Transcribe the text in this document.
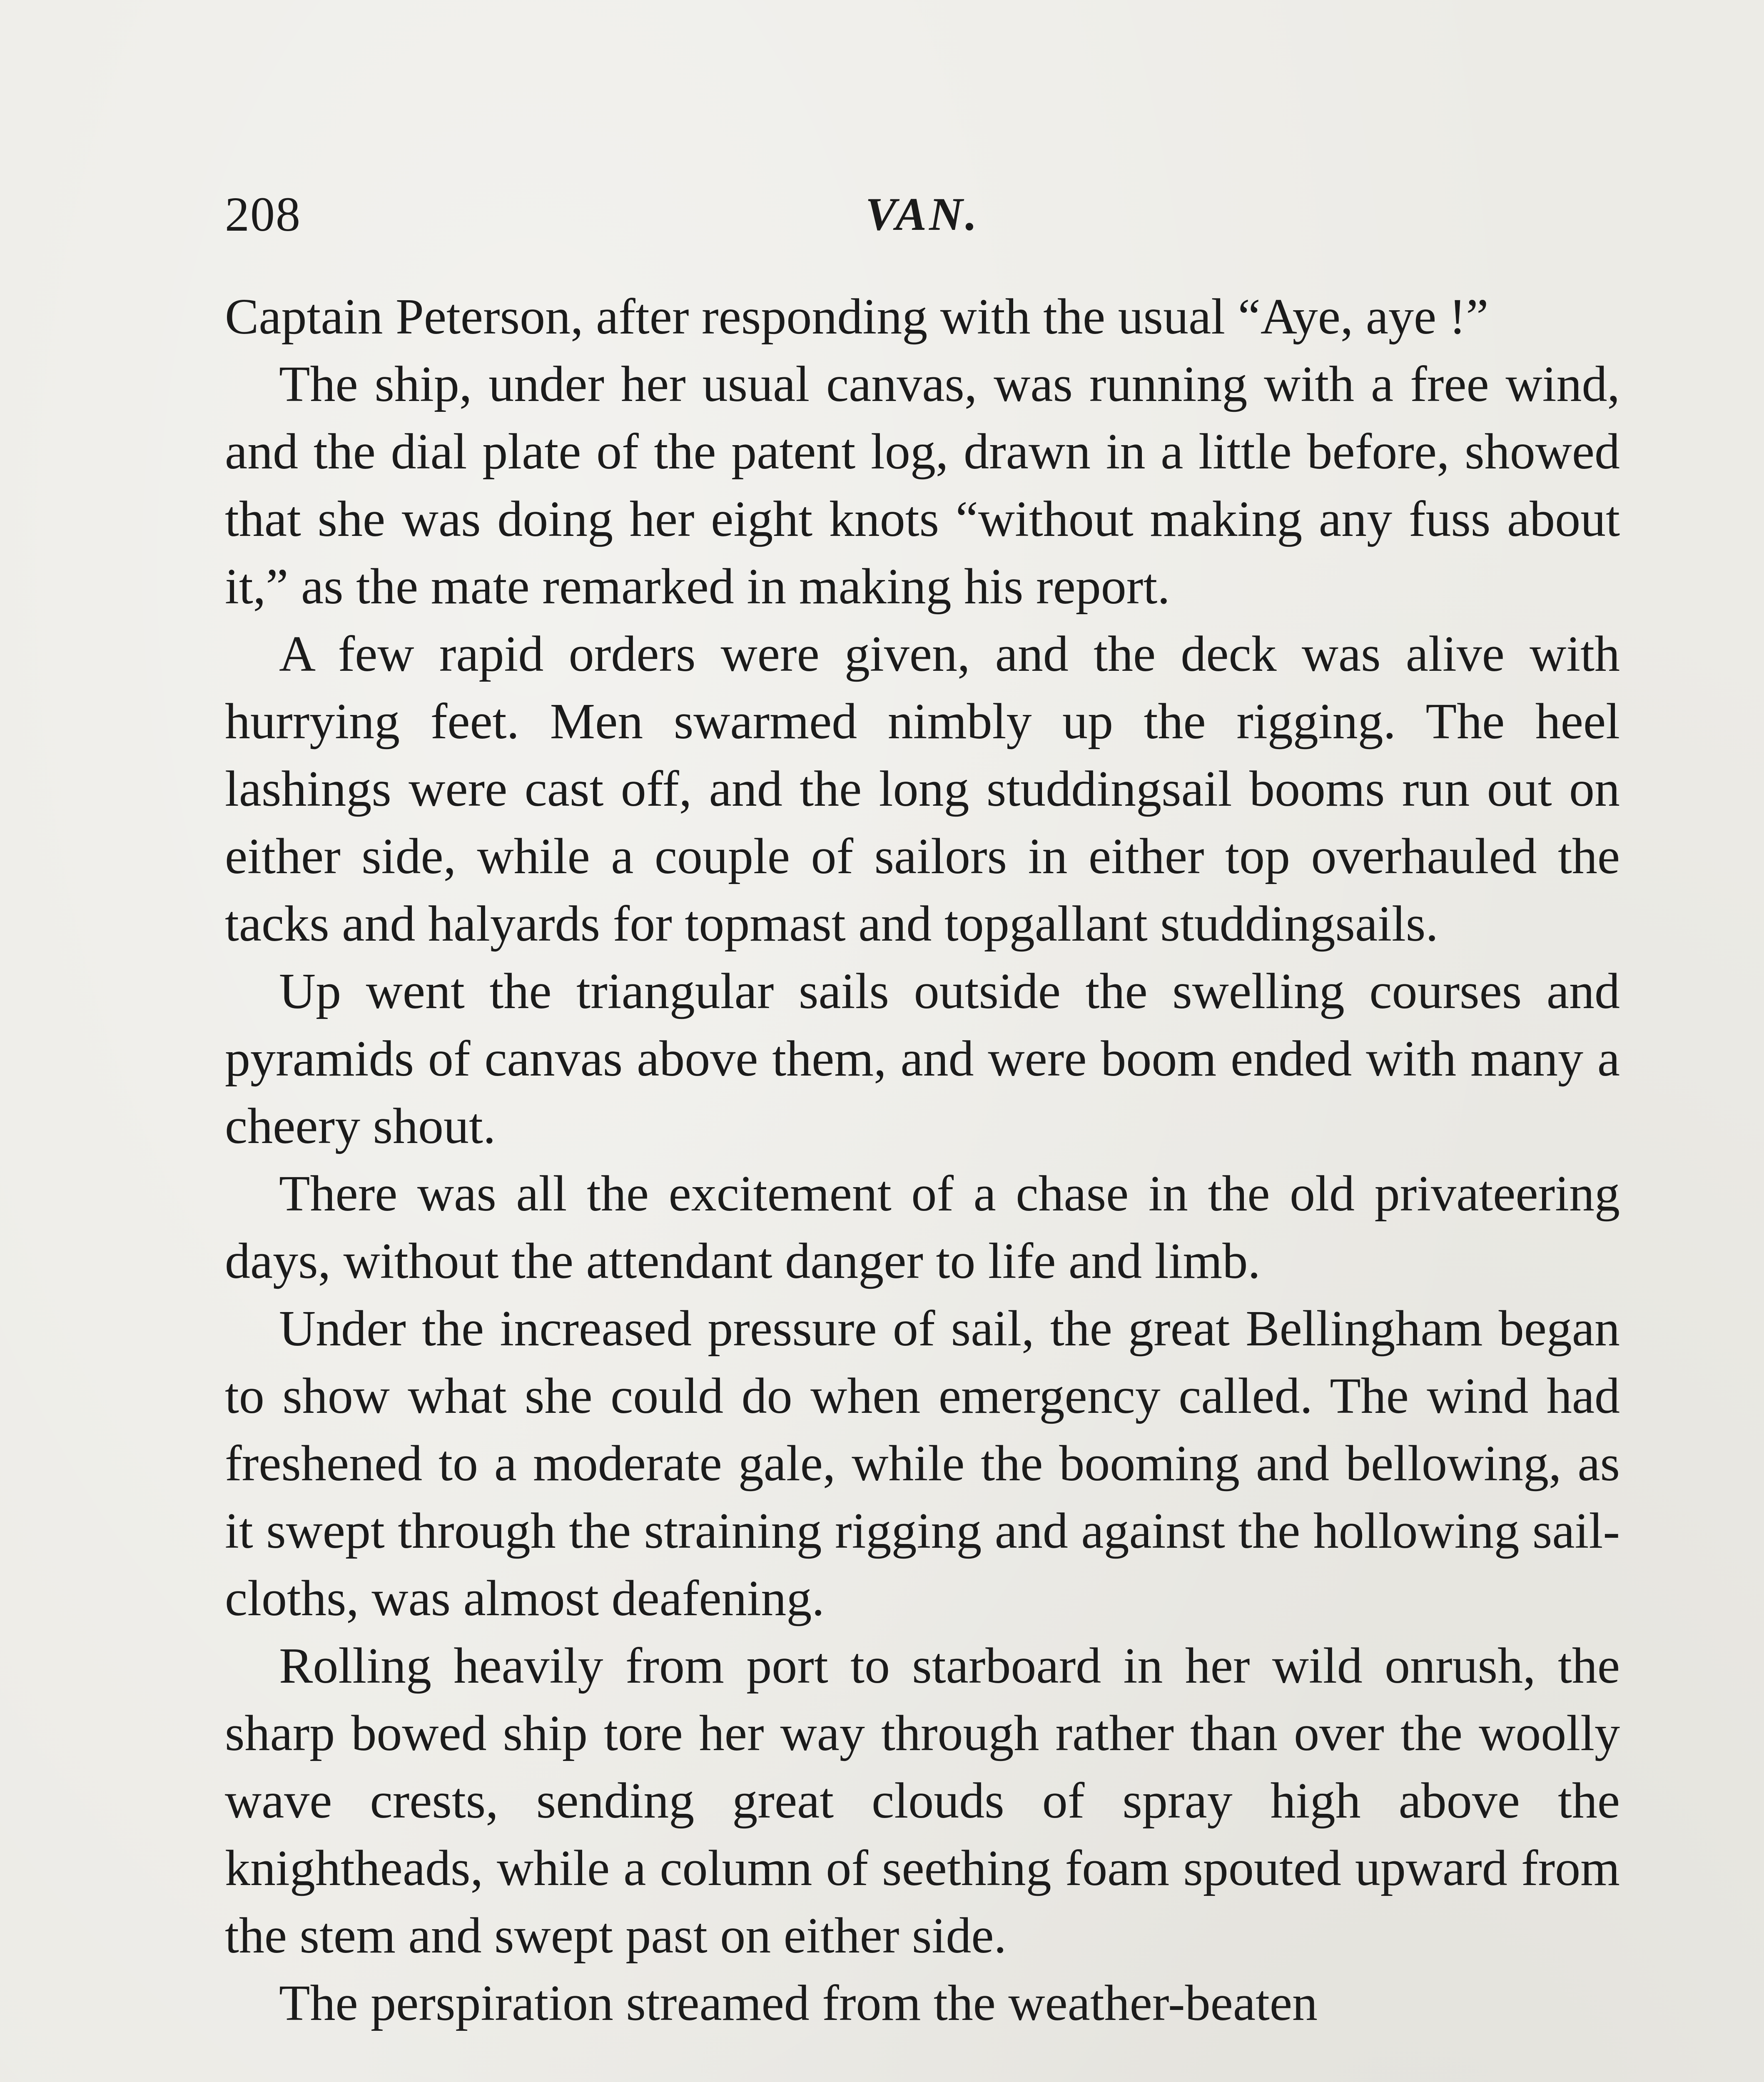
208	VAN.

Captain Peterson, after responding with the usual “Aye, aye !”

The ship, under her usual canvas, was running with a free wind, and the dial plate of the patent log, drawn in a little before, showed that she was doing her eight knots “without making any fuss about it,” as the mate remarked in making his report.

A few rapid orders were given, and the deck was alive with hurrying feet. Men swarmed nimbly up the rigging. The heel lashings were cast off, and the long studdingsail booms run out on either side, while a couple of sailors in either top overhauled the tacks and halyards for topmast and topgallant studdingsails.

Up went the triangular sails outside the swelling courses and pyramids of canvas above them, and were boom ended with many a cheery shout.

There was all the excitement of a chase in the old privateering days, without the attendant danger to life and limb.

Under the increased pressure of sail, the great Bellingham began to show what she could do when emergency called. The wind had freshened to a moderate gale, while the booming and bellowing, as it swept through the straining rigging and against the hollowing sailcloths, was almost deafening.

Rolling heavily from port to starboard in her wild onrush, the sharp bowed ship tore her way through rather than over the woolly wave crests, sending great clouds of spray high above the knightheads, while a column of seething foam spouted upward from the stem and swept past on either side.

The perspiration streamed from the weather-beaten
